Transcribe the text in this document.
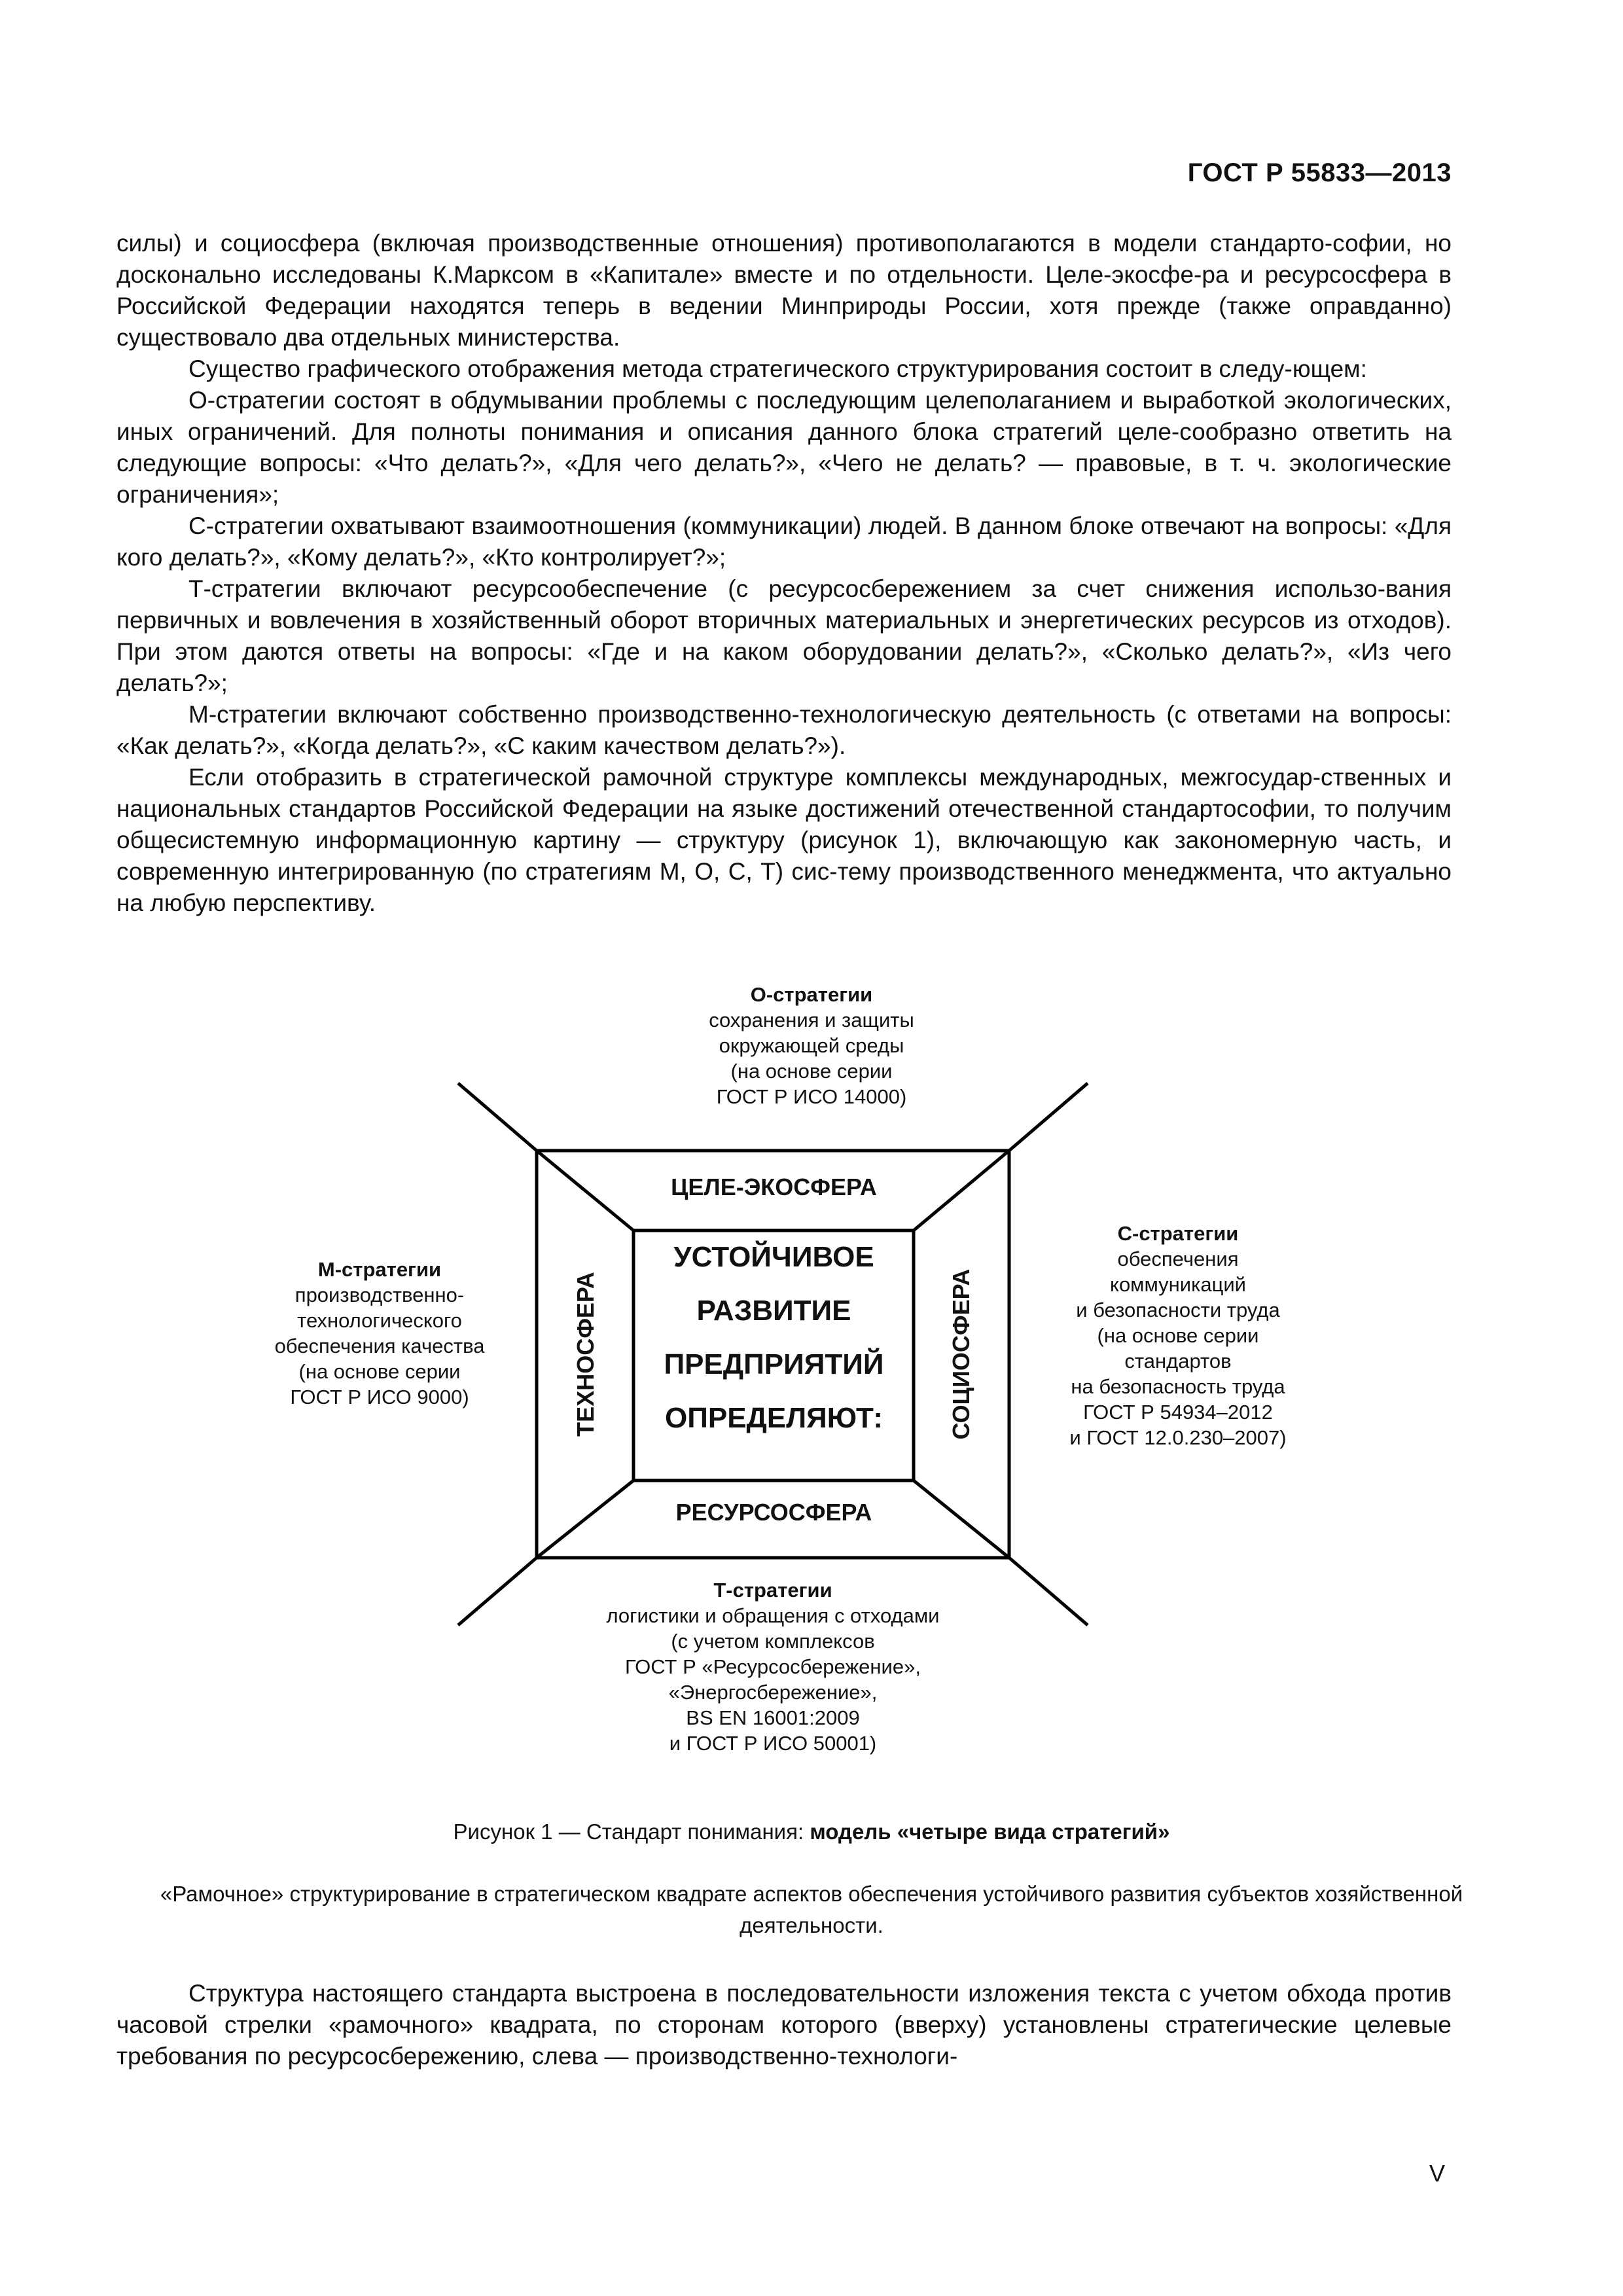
ГОСТ Р 55833—2013

силы) и социосфера (включая производственные отношения) противополагаются в модели стандарто-софии, но досконально исследованы К.Марксом в «Капитале» вместе и по отдельности. Целе-экосфе-ра и ресурсосфера в Российской Федерации находятся теперь в ведении Минприроды России, хотя прежде (также оправданно) существовало два отдельных министерства.

Существо графического отображения метода стратегического структурирования состоит в следу-ющем:

О-стратегии состоят в обдумывании проблемы с последующим целеполаганием и выработкой экологических, иных ограничений. Для полноты понимания и описания данного блока стратегий целе-сообразно ответить на следующие вопросы: «Что делать?», «Для чего делать?», «Чего не делать? — правовые, в т. ч. экологические ограничения»;

С-стратегии охватывают взаимоотношения (коммуникации) людей. В данном блоке отвечают на вопросы: «Для кого делать?», «Кому делать?», «Кто контролирует?»;

Т-стратегии включают ресурсообеспечение (с ресурсосбережением за счет снижения использо-вания первичных и вовлечения в хозяйственный оборот вторичных материальных и энергетических ресурсов из отходов). При этом даются ответы на вопросы: «Где и на каком оборудовании делать?», «Сколько делать?», «Из чего делать?»;

М-стратегии включают собственно производственно-технологическую деятельность (с ответами на вопросы: «Как делать?», «Когда делать?», «С каким качеством делать?»).

Если отобразить в стратегической рамочной структуре комплексы международных, межгосудар-ственных и национальных стандартов Российской Федерации на языке достижений отечественной стандартософии, то получим общесистемную информационную картину — структуру (рисунок 1), включающую как закономерную часть, и современную интегрированную (по стратегиям М, О, С, Т) сис-тему производственного менеджмента, что актуально на любую перспективу.

О-стратегии
сохранения и защиты
окружающей среды
(на основе серии
ГОСТ Р ИСО 14000)
М-стратегии
производственно-
технологического
обеспечения качества
(на основе серии
ГОСТ Р ИСО 9000)
С-стратегии
обеспечения
коммуникаций
и безопасности труда
(на основе серии
стандартов
на безопасность труда
ГОСТ Р 54934–2012
и ГОСТ 12.0.230–2007)
Т-стратегии
логистики и обращения с отходами
(с учетом комплексов
ГОСТ Р «Ресурсосбережение»,
«Энергосбережение»,
BS EN 16001:2009
и ГОСТ Р ИСО 50001)
ЦЕЛЕ-ЭКОСФЕРА
РЕСУРСОСФЕРА
ТЕХНОСФЕРА	СОЦИОСФЕРА
УСТОЙЧИВОЕ
РАЗВИТИЕ
ПРЕДПРИЯТИЙ
ОПРЕДЕЛЯЮТ:
Рисунок 1 — Стандарт понимания: модель «четыре вида стратегий»
«Рамочное» структурирование в стратегическом квадрате аспектов обеспечения устойчивого развития субъектов хозяйственной деятельности.

Структура настоящего стандарта выстроена в последовательности изложения текста с учетом обхода против часовой стрелки «рамочного» квадрата, по сторонам которого (вверху) установлены стратегические целевые требования по ресурсосбережению, слева — производственно-технологи-

V
